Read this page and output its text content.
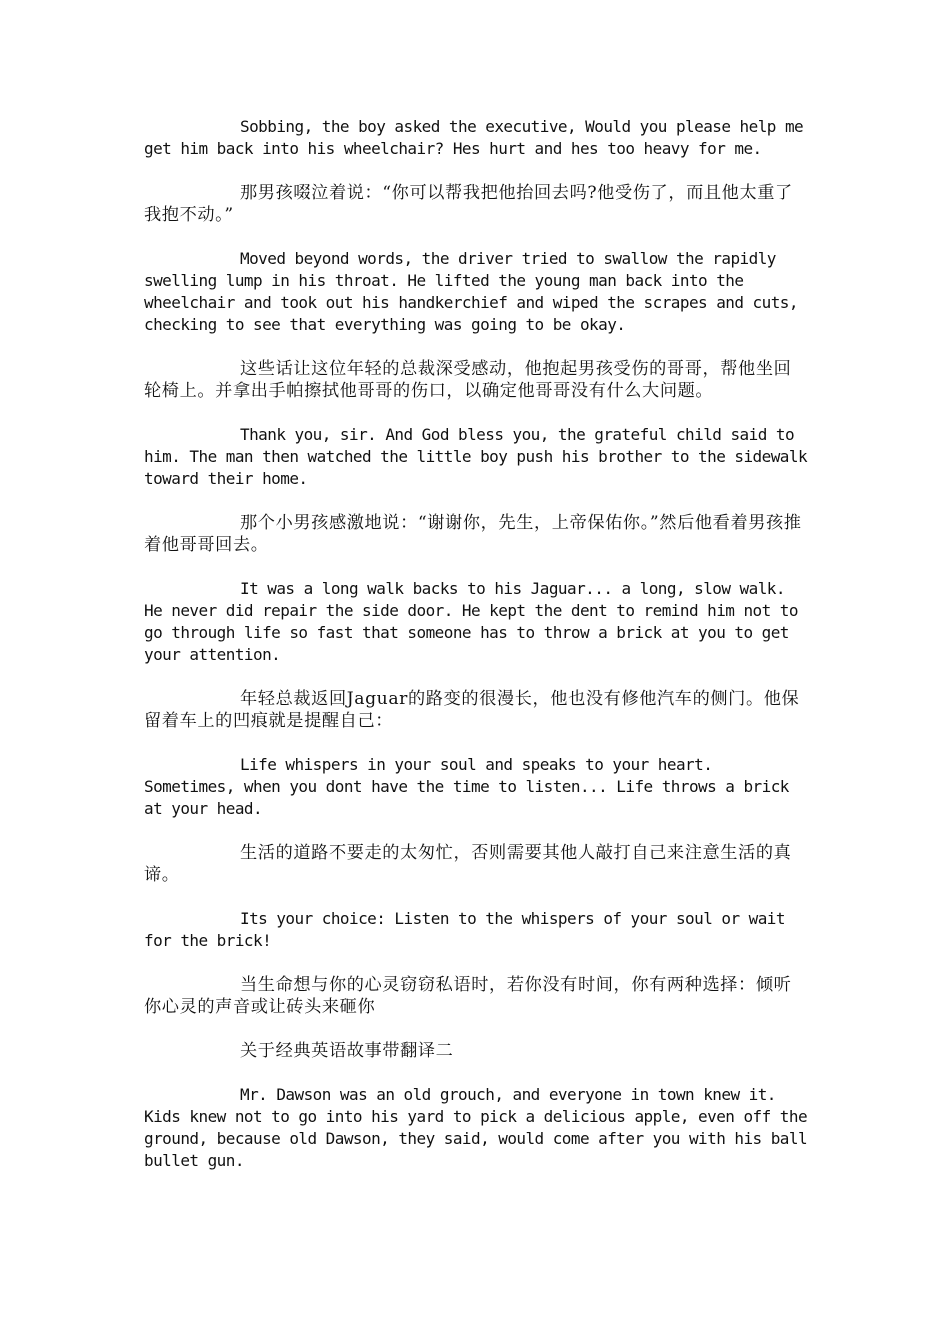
Sobbing, the boy asked the executive, Would you please help me get him back into his wheelchair? Hes hurt and hes too heavy for me.

那男孩啜泣着说：“你可以帮我把他抬回去吗?他受伤了，而且他太重了我抱不动。”

Moved beyond words, the driver tried to swallow the rapidly swelling lump in his throat. He lifted the young man back into the wheelchair and took out his handkerchief and wiped the scrapes and cuts, checking to see that everything was going to be okay.

这些话让这位年轻的总裁深受感动，他抱起男孩受伤的哥哥，帮他坐回轮椅上。并拿出手帕擦拭他哥哥的伤口，以确定他哥哥没有什么大问题。

Thank you, sir. And God bless you, the grateful child said to him. The man then watched the little boy push his brother to the sidewalk toward their home.

那个小男孩感激地说：“谢谢你，先生，上帝保佑你。”然后他看着男孩推着他哥哥回去。

It was a long walk backs to his Jaguar... a long, slow walk. He never did repair the side door. He kept the dent to remind him not to go through life so fast that someone has to throw a brick at you to get your attention.

年轻总裁返回Jaguar的路变的很漫长，他也没有修他汽车的侧门。他保留着车上的凹痕就是提醒自己：

Life whispers in your soul and speaks to your heart. Sometimes, when you dont have the time to listen... Life throws a brick at your head.

生活的道路不要走的太匆忙，否则需要其他人敲打自己来注意生活的真谛。

Its your choice: Listen to the whispers of your soul or wait for the brick!

当生命想与你的心灵窃窃私语时，若你没有时间，你有两种选择：倾听你心灵的声音或让砖头来砸你

关于经典英语故事带翻译二

Mr. Dawson was an old grouch, and everyone in town knew it. Kids knew not to go into his yard to pick a delicious apple, even off the ground, because old Dawson, they said, would come after you with his ball bullet gun.
